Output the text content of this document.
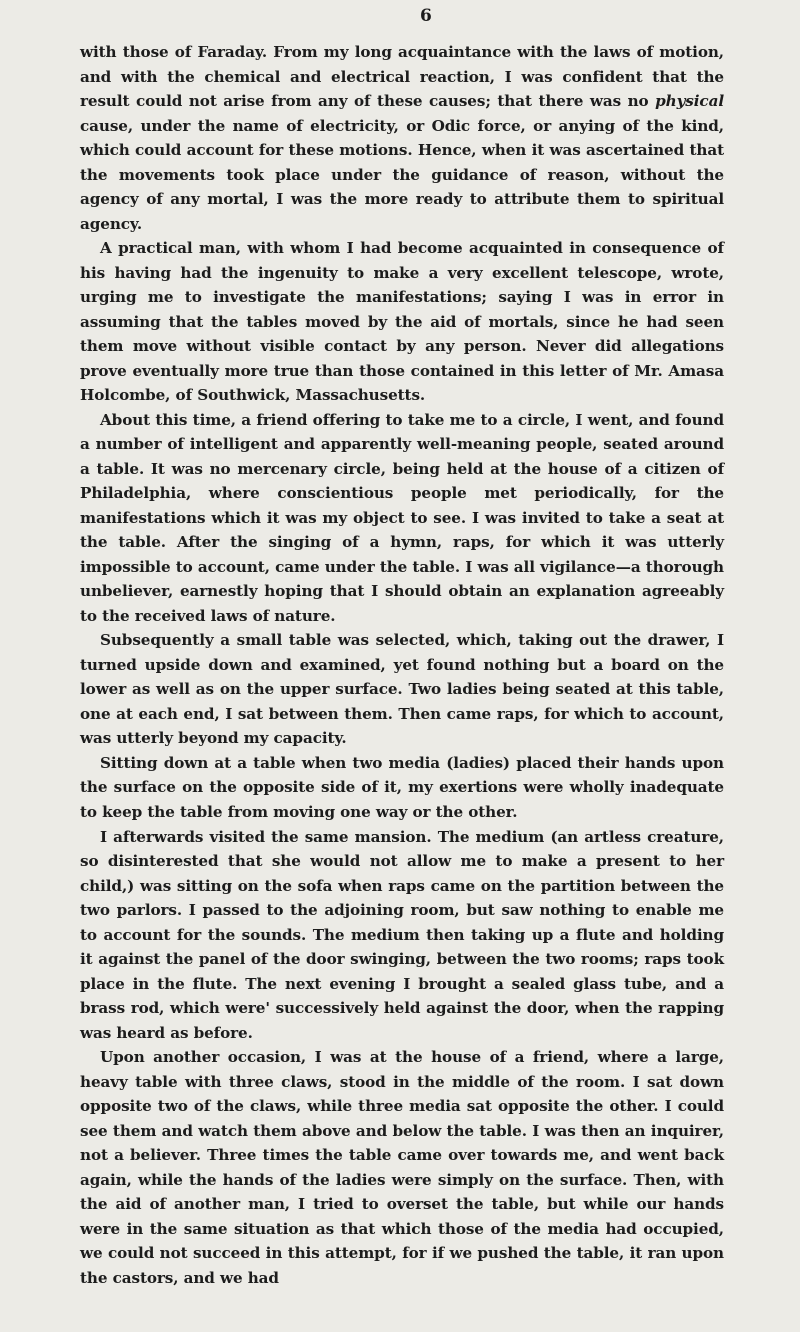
6

with those of Faraday. From my long acquaintance with the laws of motion, and with the chemical and electrical reaction, I was confident that the result could not arise from any of these causes; that there was no physical cause, under the name of electricity, or Odic force, or anying of the kind, which could account for these motions. Hence, when it was ascertained that the movements took place under the guidance of reason, without the agency of any mortal, I was the more ready to attribute them to spiritual agency.

A practical man, with whom I had become acquainted in consequence of his having had the ingenuity to make a very excellent telescope, wrote, urging me to investigate the manifestations; saying I was in error in assuming that the tables moved by the aid of mortals, since he had seen them move without visible contact by any person. Never did allegations prove eventually more true than those contained in this letter of Mr. Amasa Holcombe, of Southwick, Massachusetts.

About this time, a friend offering to take me to a circle, I went, and found a number of intelligent and apparently well-meaning people, seated around a table. It was no mercenary circle, being held at the house of a citizen of Philadelphia, where conscientious people met periodically, for the manifestations which it was my object to see. I was invited to take a seat at the table. After the singing of a hymn, raps, for which it was utterly impossible to account, came under the table. I was all vigilance—a thorough unbeliever, earnestly hoping that I should obtain an explanation agreeably to the received laws of nature.

Subsequently a small table was selected, which, taking out the drawer, I turned upside down and examined, yet found nothing but a board on the lower as well as on the upper surface. Two ladies being seated at this table, one at each end, I sat between them. Then came raps, for which to account, was utterly beyond my capacity.

Sitting down at a table when two media (ladies) placed their hands upon the surface on the opposite side of it, my exertions were wholly inadequate to keep the table from moving one way or the other.

I afterwards visited the same mansion. The medium (an artless creature, so disinterested that she would not allow me to make a present to her child,) was sitting on the sofa when raps came on the partition between the two parlors. I passed to the adjoining room, but saw nothing to enable me to account for the sounds. The medium then taking up a flute and holding it against the panel of the door swinging, between the two rooms; raps took place in the flute. The next evening I brought a sealed glass tube, and a brass rod, which were' successively held against the door, when the rapping was heard as before.

Upon another occasion, I was at the house of a friend, where a large, heavy table with three claws, stood in the middle of the room. I sat down opposite two of the claws, while three media sat opposite the other. I could see them and watch them above and below the table. I was then an inquirer, not a believer. Three times the table came over towards me, and went back again, while the hands of the ladies were simply on the surface. Then, with the aid of another man, I tried to overset the table, but while our hands were in the same situation as that which those of the media had occupied, we could not succeed in this attempt, for if we pushed the table, it ran upon the castors, and we had
